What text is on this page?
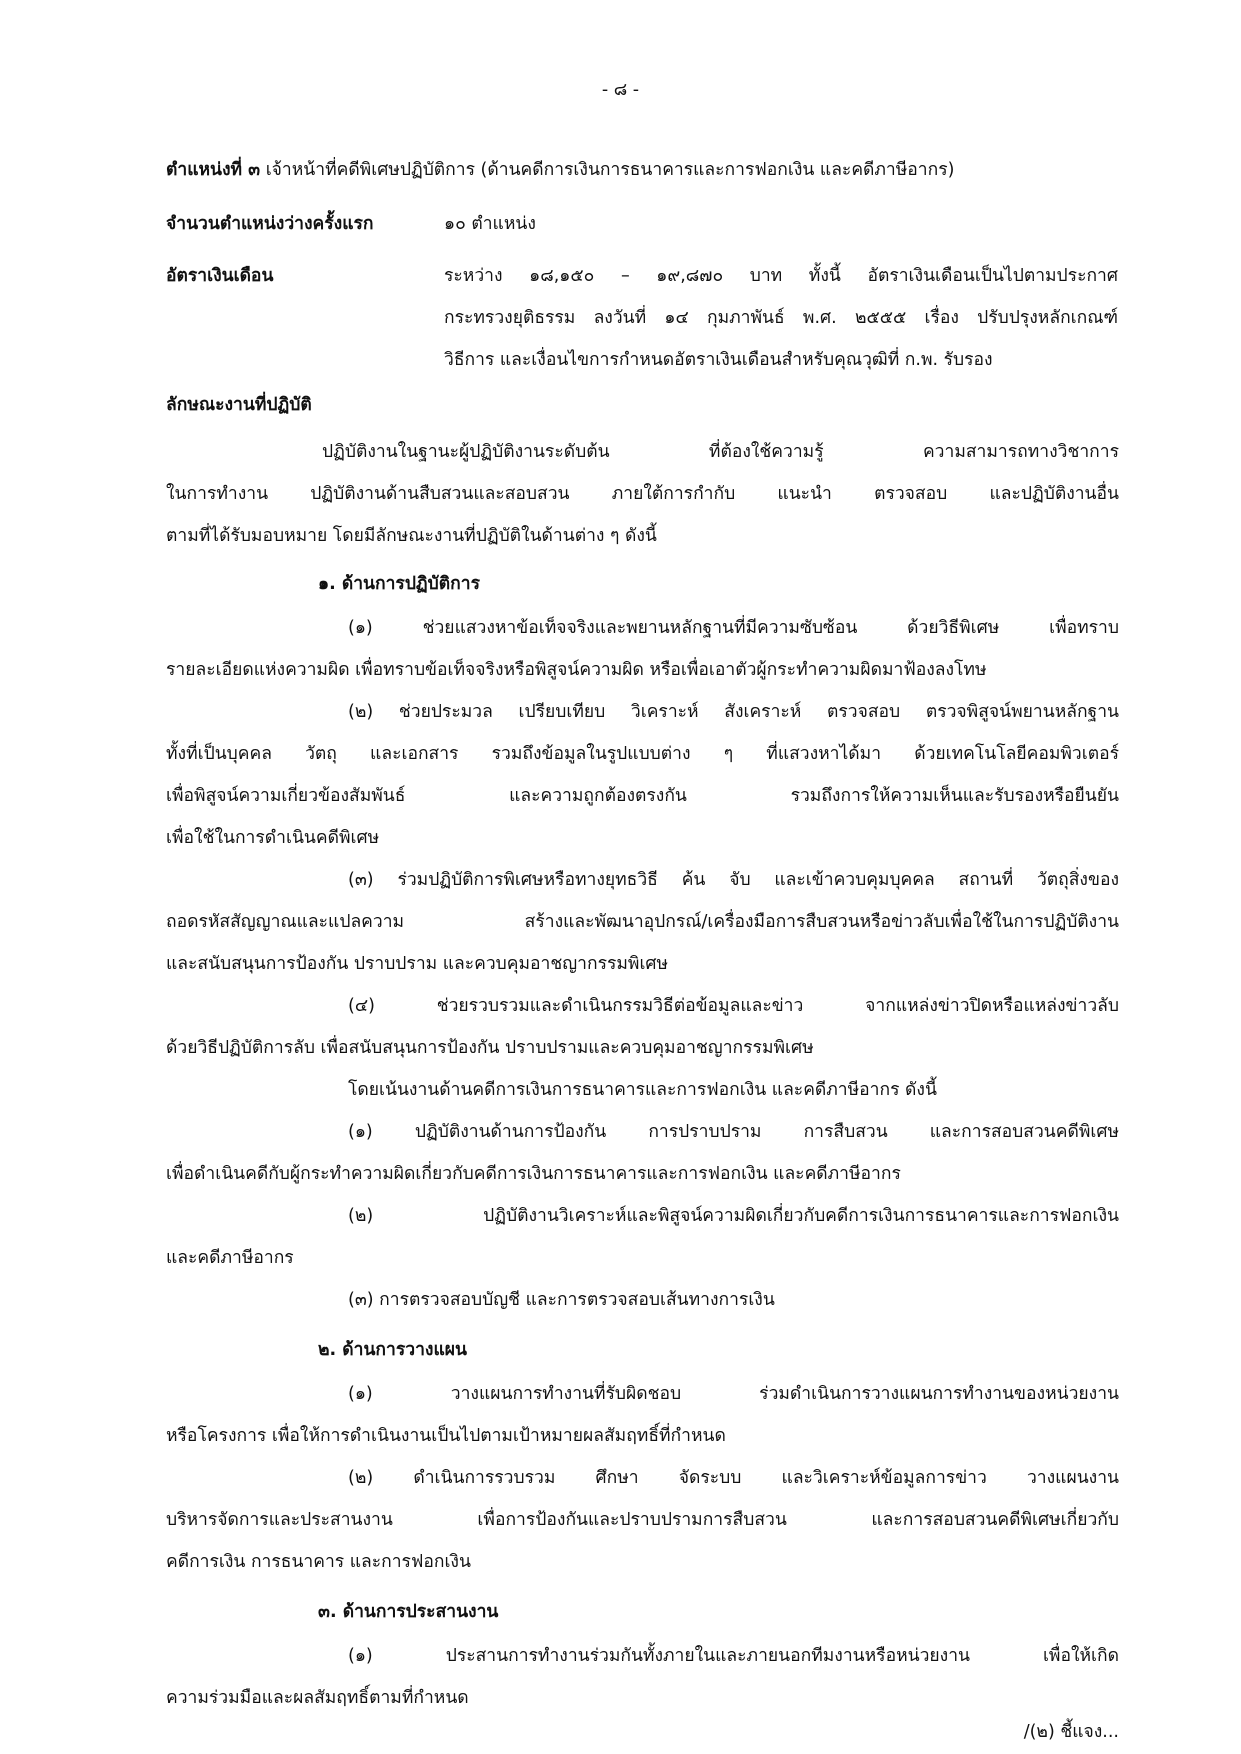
- ๘ -
ตำแหน่งที่ ๓ เจ้าหน้าที่คดีพิเศษปฏิบัติการ (ด้านคดีการเงินการธนาคารและการฟอกเงิน และคดีภาษีอากร)
จำนวนตำแหน่งว่างครั้งแรก	๑๐ ตำแหน่ง
อัตราเงินเดือน	ระหว่าง ๑๘,๑๕๐ – ๑๙,๘๗๐ บาท ทั้งนี้ อัตราเงินเดือนเป็นไปตามประกาศ
กระทรวงยุติธรรม ลงวันที่ ๑๔ กุมภาพันธ์ พ.ศ. ๒๕๕๕ เรื่อง ปรับปรุงหลักเกณฑ์
วิธีการ และเงื่อนไขการกำหนดอัตราเงินเดือนสำหรับคุณวุฒิที่ ก.พ. รับรอง
ลักษณะงานที่ปฏิบัติ
ปฏิบัติงานในฐานะผู้ปฏิบัติงานระดับต้น ที่ต้องใช้ความรู้ ความสามารถทางวิชาการ
ในการทำงาน ปฏิบัติงานด้านสืบสวนและสอบสวน ภายใต้การกำกับ แนะนำ ตรวจสอบ และปฏิบัติงานอื่น
ตามที่ได้รับมอบหมาย โดยมีลักษณะงานที่ปฏิบัติในด้านต่าง ๆ ดังนี้
๑. ด้านการปฏิบัติการ
(๑) ช่วยแสวงหาข้อเท็จจริงและพยานหลักฐานที่มีความซับซ้อน ด้วยวิธีพิเศษ เพื่อทราบ
รายละเอียดแห่งความผิด เพื่อทราบข้อเท็จจริงหรือพิสูจน์ความผิด หรือเพื่อเอาตัวผู้กระทำความผิดมาฟ้องลงโทษ
(๒) ช่วยประมวล เปรียบเทียบ วิเคราะห์ สังเคราะห์ ตรวจสอบ ตรวจพิสูจน์พยานหลักฐาน
ทั้งที่เป็นบุคคล วัตถุ และเอกสาร รวมถึงข้อมูลในรูปแบบต่าง ๆ ที่แสวงหาได้มา ด้วยเทคโนโลยีคอมพิวเตอร์
เพื่อพิสูจน์ความเกี่ยวข้องสัมพันธ์ และความถูกต้องตรงกัน รวมถึงการให้ความเห็นและรับรองหรือยืนยัน
เพื่อใช้ในการดำเนินคดีพิเศษ
(๓) ร่วมปฏิบัติการพิเศษหรือทางยุทธวิธี ค้น จับ และเข้าควบคุมบุคคล สถานที่ วัตถุสิ่งของ
ถอดรหัสสัญญาณและแปลความ สร้างและพัฒนาอุปกรณ์/เครื่องมือการสืบสวนหรือข่าวลับเพื่อใช้ในการปฏิบัติงาน
และสนับสนุนการป้องกัน ปราบปราม และควบคุมอาชญากรรมพิเศษ
(๔) ช่วยรวบรวมและดำเนินกรรมวิธีต่อข้อมูลและข่าว จากแหล่งข่าวปิดหรือแหล่งข่าวลับ
ด้วยวิธีปฏิบัติการลับ เพื่อสนับสนุนการป้องกัน ปราบปรามและควบคุมอาชญากรรมพิเศษ
โดยเน้นงานด้านคดีการเงินการธนาคารและการฟอกเงิน และคดีภาษีอากร ดังนี้
(๑) ปฏิบัติงานด้านการป้องกัน การปราบปราม การสืบสวน และการสอบสวนคดีพิเศษ
เพื่อดำเนินคดีกับผู้กระทำความผิดเกี่ยวกับคดีการเงินการธนาคารและการฟอกเงิน และคดีภาษีอากร
(๒) ปฏิบัติงานวิเคราะห์และพิสูจน์ความผิดเกี่ยวกับคดีการเงินการธนาคารและการฟอกเงิน
และคดีภาษีอากร
(๓) การตรวจสอบบัญชี และการตรวจสอบเส้นทางการเงิน
๒. ด้านการวางแผน
(๑) วางแผนการทำงานที่รับผิดชอบ ร่วมดำเนินการวางแผนการทำงานของหน่วยงาน
หรือโครงการ เพื่อให้การดำเนินงานเป็นไปตามเป้าหมายผลสัมฤทธิ์ที่กำหนด
(๒) ดำเนินการรวบรวม ศึกษา จัดระบบ และวิเคราะห์ข้อมูลการข่าว วางแผนงาน
บริหารจัดการและประสานงาน เพื่อการป้องกันและปราบปรามการสืบสวน และการสอบสวนคดีพิเศษเกี่ยวกับ
คดีการเงิน การธนาคาร และการฟอกเงิน
๓. ด้านการประสานงาน
(๑) ประสานการทำงานร่วมกันทั้งภายในและภายนอกทีมงานหรือหน่วยงาน เพื่อให้เกิด
ความร่วมมือและผลสัมฤทธิ์ตามที่กำหนด
/(๒) ชี้แจง...
